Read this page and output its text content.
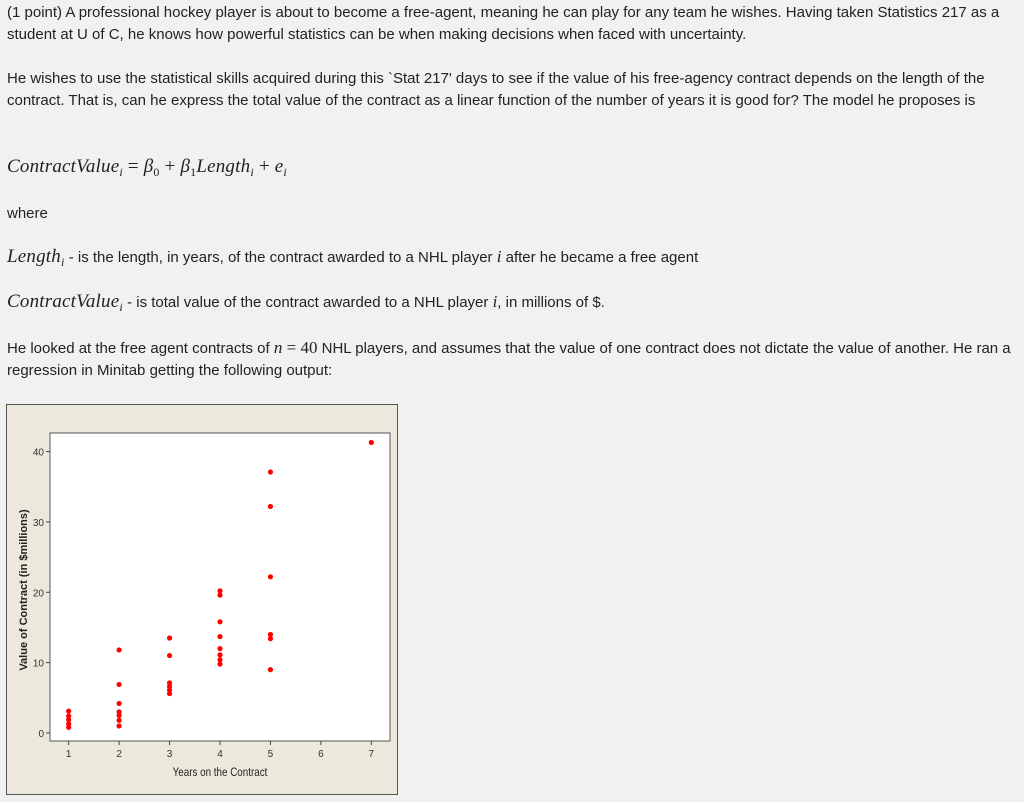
(1 point) A professional hockey player is about to become a free-agent, meaning he can play for any team he wishes. Having taken Statistics 217 as a student at U of C, he knows how powerful statistics can be when making decisions when faced with uncertainty.

He wishes to use the statistical skills acquired during this `Stat 217' days to see if the value of his free-agency contract depends on the length of the contract. That is, can he express the total value of the contract as a linear function of the number of years it is good for? The model he proposes is

ContractValue$_i$ = $\beta_0$ + $\beta_1Length_i + e_i$

where

Length$_i$ - is the length, in years, of the contract awarded to a NHL player i after he became a free agent

ContractValue$_i$ - is total value of the contract awarded to a NHL player i, in millions of $.

He looked at the free agent contracts of n = 40 NHL players, and assumes that the value of one contract does not dictate the value of another. He ran a regression in Minitab getting the following output:

0
10
20
30
40
1	2	3	4	5	6	7
Years on the Contract
Value of Contract (in $millions)
